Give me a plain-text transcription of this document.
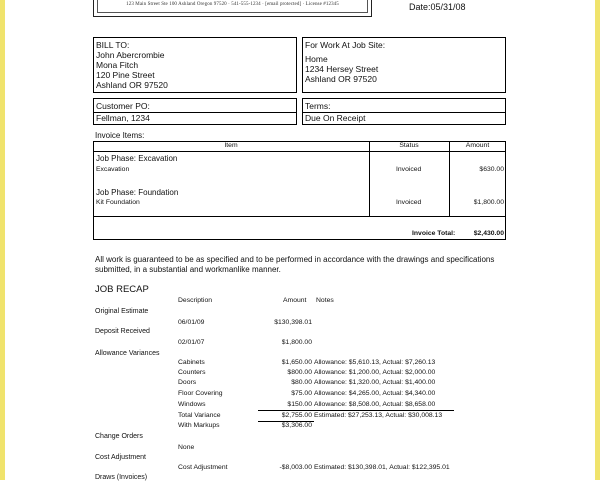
123 Main Street Ste 100 Ashland Oregon 97520 · 541-555-1234 · [email protected] · License #12345	Date:05/31/08
BILL TO:
John Abercrombie
Mona Fitch
120 Pine Street
Ashland OR 97520
For Work At Job Site:
Home
1234 Hersey Street
Ashland OR 97520
Customer PO:
Fellman, 1234
Terms:
Due On Receipt
Invoice Items:
Item	Status	Amount
Job Phase: Excavation
Excavation	Invoiced	$630.00
Job Phase: Foundation
Kit Foundation	Invoiced	$1,800.00
Invoice Total:	$2,430.00
All work is guaranteed to be as specified and to be performed in accordance with the drawings and specifications submitted, in a substantial and workmanlike manner.
JOB RECAP
Description	Amount Notes
Original Estimate
06/01/09	$130,398.01
Deposit Received
02/01/07	$1,800.00
Allowance Variances
Cabinets	$1,650.00 Allowance: $5,610.13, Actual: $7,260.13
Counters	$800.00 Allowance: $1,200.00, Actual: $2,000.00
Doors	$80.00 Allowance: $1,320.00, Actual: $1,400.00
Floor Covering	$75.00 Allowance: $4,265.00, Actual: $4,340.00
Windows	$150.00 Allowance: $8,508.00, Actual: $8,658.00
Total Variance	$2,755.00 Estimated: $27,253.13, Actual: $30,008.13
With Markups	$3,306.00
Change Orders
None
Cost Adjustment
Cost Adjustment	-$8,003.00 Estimated: $130,398.01, Actual: $122,395.01
Draws (Invoices)
